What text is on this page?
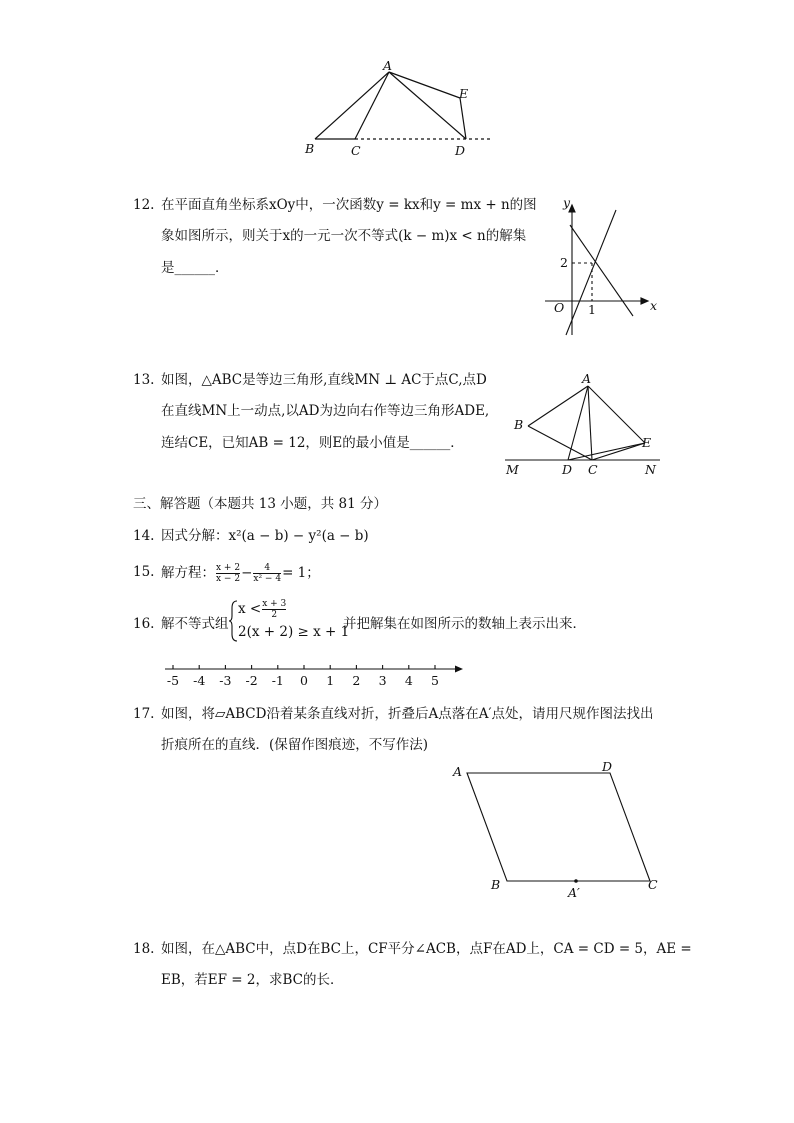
A
B	C	D
E
12. 在平面直角坐标系xOy中，一次函数y = kx和y = mx + n的图
象如图所示，则关于x的一元一次不等式(k − m)x < n的解集
是______．
y
x
O
2
1
13. 如图，△ABC是等边三角形,直线MN ⊥ AC于点C,点D
在直线MN上一动点,以AD为边向右作等边三角形ADE,
连结CE，已知AB = 12，则E的最小值是______．
A
B
D C
E
M	N
三、解答题（本题共 13 小题，共 81 分）
14. 因式分解：x²(a − b) − y²(a − b)
15. 解方程： $\frac{x + 2}{x - 2} - \frac{4}{\text{x² − 4}} = 1$；
16. 解不等式组
$x < \frac{x + 3}{2}$
2(x + 2) ≥ x + 1
并把解集在如图所示的数轴上表示出来．
-5 -4 -3 -2 -1 0 1 2 3 4 5
17. 如图，将▱ABCD沿着某条直线对折，折叠后A点落在A′点处，请用尺规作图法找出
折痕所在的直线．(保留作图痕迹，不写作法)
A	D
B	C
A′
18. 如图，在△ABC中，点D在BC上，CF平分∠ACB，点F在AD上，CA = CD = 5，AE =
EB，若EF = 2，求BC的长．
